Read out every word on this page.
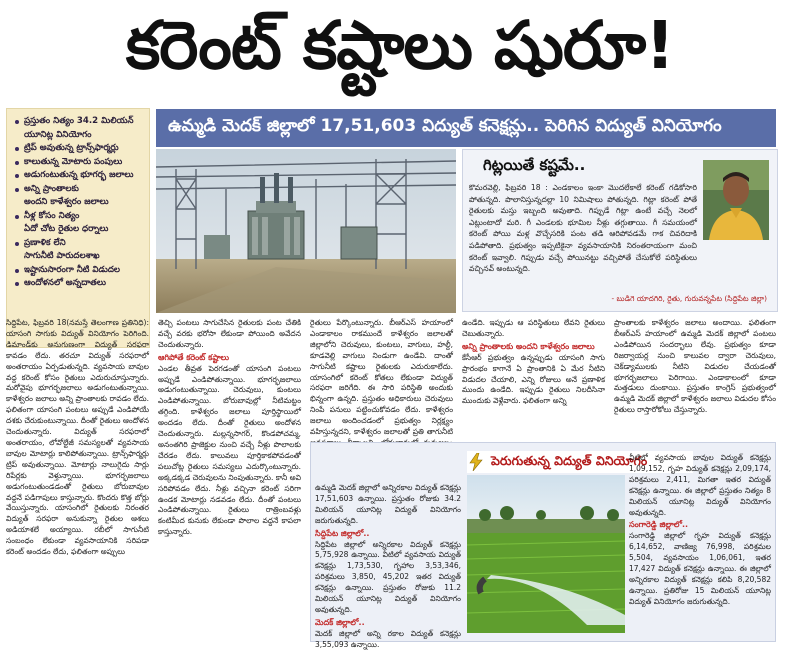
కరెంట్ కష్టాలు షురూ!
ప్రస్తుతం నిత్యం 34.2 మిలియన్
యూనిట్ల వినియోగం
ట్రిప్ అవుతున్న ట్రాన్స్‌ఫార్మర్లు
కాలుతున్న మోటారు పంపులు
అడుగంటుతున్న భూగర్భ జలాలు
అన్ని ప్రాంతాలకు
అందని కాళేశ్వరం జలాలు
నీళ్ల కోసం నిత్యం
ఏదో చోట రైతుల ధర్నాలు
ప్రణాళిక లేని
సాగునీటి పారుదలశాఖ
ఇష్టానుసారంగా నీటి విడుదల
ఆందోళనలో అన్నదాతలు
ఉమ్మడి మెదక్ జిల్లాలో 17,51,603 విద్యుత్ కనెక్షన్లు.. పెరిగిన విద్యుత్ వినియోగం
గిట్లయితే కష్టమే..
కొమరవెల్లి, ఫిబ్రవరి 18 : ఎండకాలం ఇంకా మొదలేకాలే కరెంట్ గడికోసారి పోతున్నది. పొలానిస్తున్నదల్లా 10 నిమిషాలు పోతున్నది. గిట్లా కరెంట్ పోతే రైతులకు మస్తు ఇబ్బంది అవుతాది. గిప్పుడే గిట్లా ఉంటే వచ్చే నెలలో ఎట్లుంటాదో మరి. గీ ఎండలకు భూమిల నీళ్లు తగ్గుతాయి. గీ సమయంలో కరెంట్ పోయి మళ్ల వొచ్చేసరికి పంట తడి ఆరిపోవడమే గాక చివరిదాకి పడిపోతాది. ప్రభుత్వం ఇప్పటికైనా వ్యవసాయానికి నిరంతరాయంగా మంచి కరెంట్ ఇవ్వాలి. గిప్పుడు వచ్చే పోయినట్టు వచ్చిపోతే చేసుకోలే పరిస్థితులు వచ్చినవ్ అంటున్నది.
- బుడిగె యాదగిరి, రైతు, గురువన్నపేట (సిద్దిపేట జిల్లా)
సిద్దిపేట, ఫిబ్రవరి 18(నమస్తే తెలంగాణ ప్రతినిధి): యాసంగి సాగుకు విద్యుత్ వినియోగం పెరిగింది. డిమాండ్‌కు అనుగుణంగా విద్యుత్ సరఫరా కావడం లేదు. తరచూ విద్యుత్ సరఫరాలో అంతరాయం ఏర్పడుతున్నది. వ్యవసాయ బావుల వద్ద కరెంట్ కోసం రైతులు ఎదురుచూస్తున్నారు. మరోవైపు భూగర్భజలాలు అడుగంటుతున్నాయి. కాళేశ్వరం జలాలు అన్ని ప్రాంతాలకు రావడం లేదు. ఫలితంగా యాసంగి పంటలు అప్పుడే ఎండిపోయే దశకు చేరుకుంటున్నాయి. దీంతో రైతులు ఆందోళన చెందుతున్నారు. విద్యుత్ సరఫరాలో అంతరాయం, లోవోల్టేజీ సమస్యలతో వ్యవసాయ బావుల మోటార్లు కాలిపోతున్నాయి. ట్రాన్స్‌ఫార్మర్లు ట్రిప్ అవుతున్నాయి. మోటార్లు నాలుగైదు సార్లు రిపేర్లకు వెళ్తున్నాయి. భూగర్భజలాలు అడుగంటుతుండడంతో రైతులు బోరుబావుల వద్దనే పడిగాపులు కాస్తున్నారు. కొందరు కొత్త బోర్లు వేయిస్తున్నారు. యాసంగిలో రైతులకు నిరంతర విద్యుత్ సరఫరా అనుకున్నా రైతుల ఆశలు అడియాశలే అయ్యాయి. రబీలో సాగునీటి సంబంధం లేకుండా వ్యవసాయానికి సరిపడా కరెంట్ అందడం లేదు, ఫలితంగా అప్పులు
తెచ్చి పంటలు సాగుచేసిన రైతులకు పంట చేతికి వచ్చే వరకు భరోసా లేకుండా పోయింది అవేదన చెందుతున్నారు.
ఆగిపోతే కరెంట్ కష్టాలు
ఎండల తీవ్రత పెరగడంతో యాసంగి పంటలు అప్పుడే ఎండిపోతున్నాయి. భూగర్భజలాలు అడుగంటుతున్నాయి. చెరువులు, కుంటలు ఎండిపోతున్నాయి. బోరుబావుల్లో నీటిమట్టం తగ్గింది. కాళేశ్వరం జలాలు పూర్తిస్థాయిలో అందడం లేదు. దీంతో రైతులు అందోళన చెందుతున్నారు. మల్లన్నసాగర్, కొండపోచమ్మ, అనంతగిరి ప్రాజెక్టుల నుంచి వచ్చే నీళ్లు పొలాలకు చేరడం లేదు. కాలువలు పూర్తికాకపోవడంతో పలుచోట్ల రైతులు సమస్యలు ఎదుర్కొంటున్నారు. అక్కడక్కడ చెరువులను నింపుతున్నారు. కానీ అవి సరిపోవడం లేదు. నీళ్లు వచ్చినా కరెంట్ సరిగా ఉండక మోటార్లు నడవడం లేదు. దీంతో పంటలు ఎండిపోతున్నాయి. రైతులు రాత్రింబవళ్లు కంటిమీద కునుకు లేకుండా పొలాల వద్దనే కాపలా కాస్తున్నారు.
రైతులు పేర్కొంటున్నారు. బీఆర్ఎస్ హయాంలో ఎండాకాలం రాకముందే కాళేశ్వరం జలాలతో జిల్లాలోని చెరువులు, కుంటలు, వాగులు, హల్దీ, కూడవెల్లి వాగులు నిండుగా ఉండేవి. దాంతో సాగునీటి కష్టాలు రైతులకు ఎదురుకాలేదు. యాసంగిలో కరెంట్ కోతలు లేకుండా విద్యుత్ సరఫరా జరిగేది. ఈ సారి పరిస్థితి అందుకు భిన్నంగా ఉన్నది. ప్రస్తుతం అధికారులు చెరువులు నింపే పనులు పట్టించుకోవడం లేదు. కాళేశ్వరం జలాలు అందించడంలో ప్రభుత్వం నిర్లక్ష్యం వహిస్తున్నదని, కాళేశ్వరం జలాలతో ప్రతి తాగునీటి
ఉండేది. ఇప్పుడు ఆ పరిస్థితులు లేవని రైతులు చెబుతున్నారు.
అన్ని ప్రాంతాలకు అందని కాళేశ్వరం జలాలు
కేసీఆర్ ప్రభుత్వం ఉన్నప్పుడు యాసంగి సాగు ప్రారంభం కాగానే ఏ ప్రాంతానికి ఏ మేర నీటిని విడుదల చేయాలి, ఎన్ని రోజులు అనే ప్రణాళిక ముందు ఉండేది. ఇప్పుడు రైతులు నిలదీసినా ముందుకు వెళ్లేవారు. ఫలితంగా అన్ని
ప్రాంతాలకు కాళేశ్వరం జలాలు అందాయి. ఫలితంగా బీఆర్ఎస్ హయాంలో ఉమ్మడి మెదక్ జిల్లాలో పంటలు ఎండిపోయిన సందర్భాలు లేవు. ప్రభుత్వం కూడా రిజర్వాయర్ల నుంచి కాలువల ద్వారా చెరువులు, చెక్‌డ్యాములకు నీటిని విడుదల చేయడంతో భూగర్భజలాలు పెరిగాయి. ఎండాకాలంలో కూడా మత్తడులు దుంకాయి. ప్రస్తుతం కాంగ్రెస్ ప్రభుత్వంలో ఉమ్మడి మెదక్ జిల్లాలో కాళేశ్వరం జలాలు విడుదల కోసం రైతులు రాస్తారోకోలు చేస్తున్నారు.
పెరుగుతున్న విద్యుత్ వినియోగం
ఉమ్మడి మెదక్ జిల్లాలో అన్నిరకాల విద్యుత్ కనెక్షన్లు 17,51,603 ఉన్నాయి. ప్రస్తుతం రోజుకు 34.2 మిలియన్ యూనిట్ల విద్యుత్ వినియోగం జరుగుతున్నది.
సిద్దిపేట జిల్లాలో..
సిద్దిపేట జిల్లాలో అన్నిరకాల విద్యుత్ కనెక్షన్లు 5,75,928 ఉన్నాయి. వీటిలో వ్యవసాయ విద్యుత్ కనెక్షన్లు 1,73,530, గృహాల 3,53,346, పరిశ్రమలు 3,850, 45,202 ఇతర విద్యుత్ కనెక్షన్లు ఉన్నాయి. ప్రస్తుతం రోజుకు 11.2 మిలియన్ యూనిట్ల విద్యుత్ వినియోగం అవుతున్నది.
మెదక్ జిల్లాలో..
మెదక్ జిల్లాలో అన్ని రకాల విద్యుత్ కనెక్షన్లు 3,55,093 ఉన్నాయి.
వీటిలో వ్యవసాయ బావుల విద్యుత్ కనెక్షన్లు 1,09,152, గృహ విద్యుత్ కనెక్షన్లు 2,09,174, పరిశ్రమలు 2,411, మిగతా ఇతర విద్యుత్ కనెక్షన్లు ఉన్నాయి. ఈ జిల్లాలో ప్రస్తుతం నిత్యం 8 మిలియన్ యూనిట్ల విద్యుత్ వినియోగం అవుతున్నది.
సంగారెడ్డి జిల్లాలో..
సంగారెడ్డి జిల్లాలో గృహ విద్యుత్ కనెక్షన్లు 6,14,652, వాణిజ్య 76,998, పరిశ్రమల 5,504, వ్యవసాయం 1,06,061, ఇతర 17,427 విద్యుత్ కనెక్షన్లు ఉన్నాయి. ఈ జిల్లాలో అన్నిరకాల విద్యుత్ కనెక్షన్లు కలిపి 8,20,582 ఉన్నాయి. ప్రతిరోజు 15 మిలియన్ యూనిట్ల విద్యుత్ వినియోగం జరుగుతున్నది.
